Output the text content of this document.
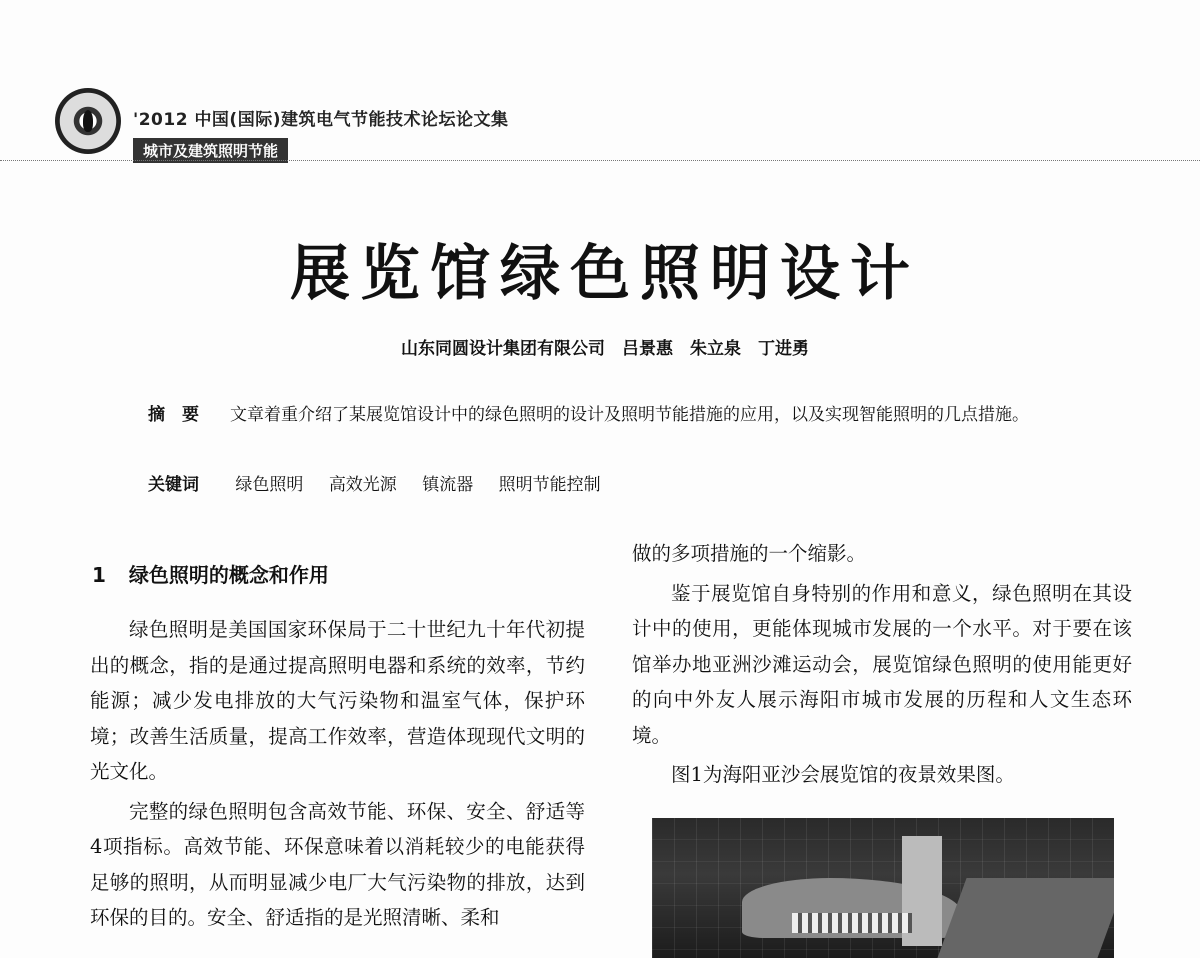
'2012 中国(国际)建筑电气节能技术论坛论文集
城市及建筑照明节能
展览馆绿色照明设计
山东同圆设计集团有限公司　吕景惠　朱立泉　丁进勇
摘　要	文章着重介绍了某展览馆设计中的绿色照明的设计及照明节能措施的应用，以及实现智能照明的几点措施。
关键词 绿色照明 高效光源 镇流器 照明节能控制
1 绿色照明的概念和作用

绿色照明是美国国家环保局于二十世纪九十年代初提出的概念，指的是通过提高照明电器和系统的效率，节约能源；减少发电排放的大气污染物和温室气体，保护环境；改善生活质量，提高工作效率，营造体现现代文明的光文化。

完整的绿色照明包含高效节能、环保、安全、舒适等4项指标。高效节能、环保意味着以消耗较少的电能获得足够的照明，从而明显减少电厂大气污染物的排放，达到环保的目的。安全、舒适指的是光照清晰、柔和

做的多项措施的一个缩影。

鉴于展览馆自身特别的作用和意义，绿色照明在其设计中的使用，更能体现城市发展的一个水平。对于要在该馆举办地亚洲沙滩运动会，展览馆绿色照明的使用能更好的向中外友人展示海阳市城市发展的历程和人文生态环境。

图1为海阳亚沙会展览馆的夜景效果图。
